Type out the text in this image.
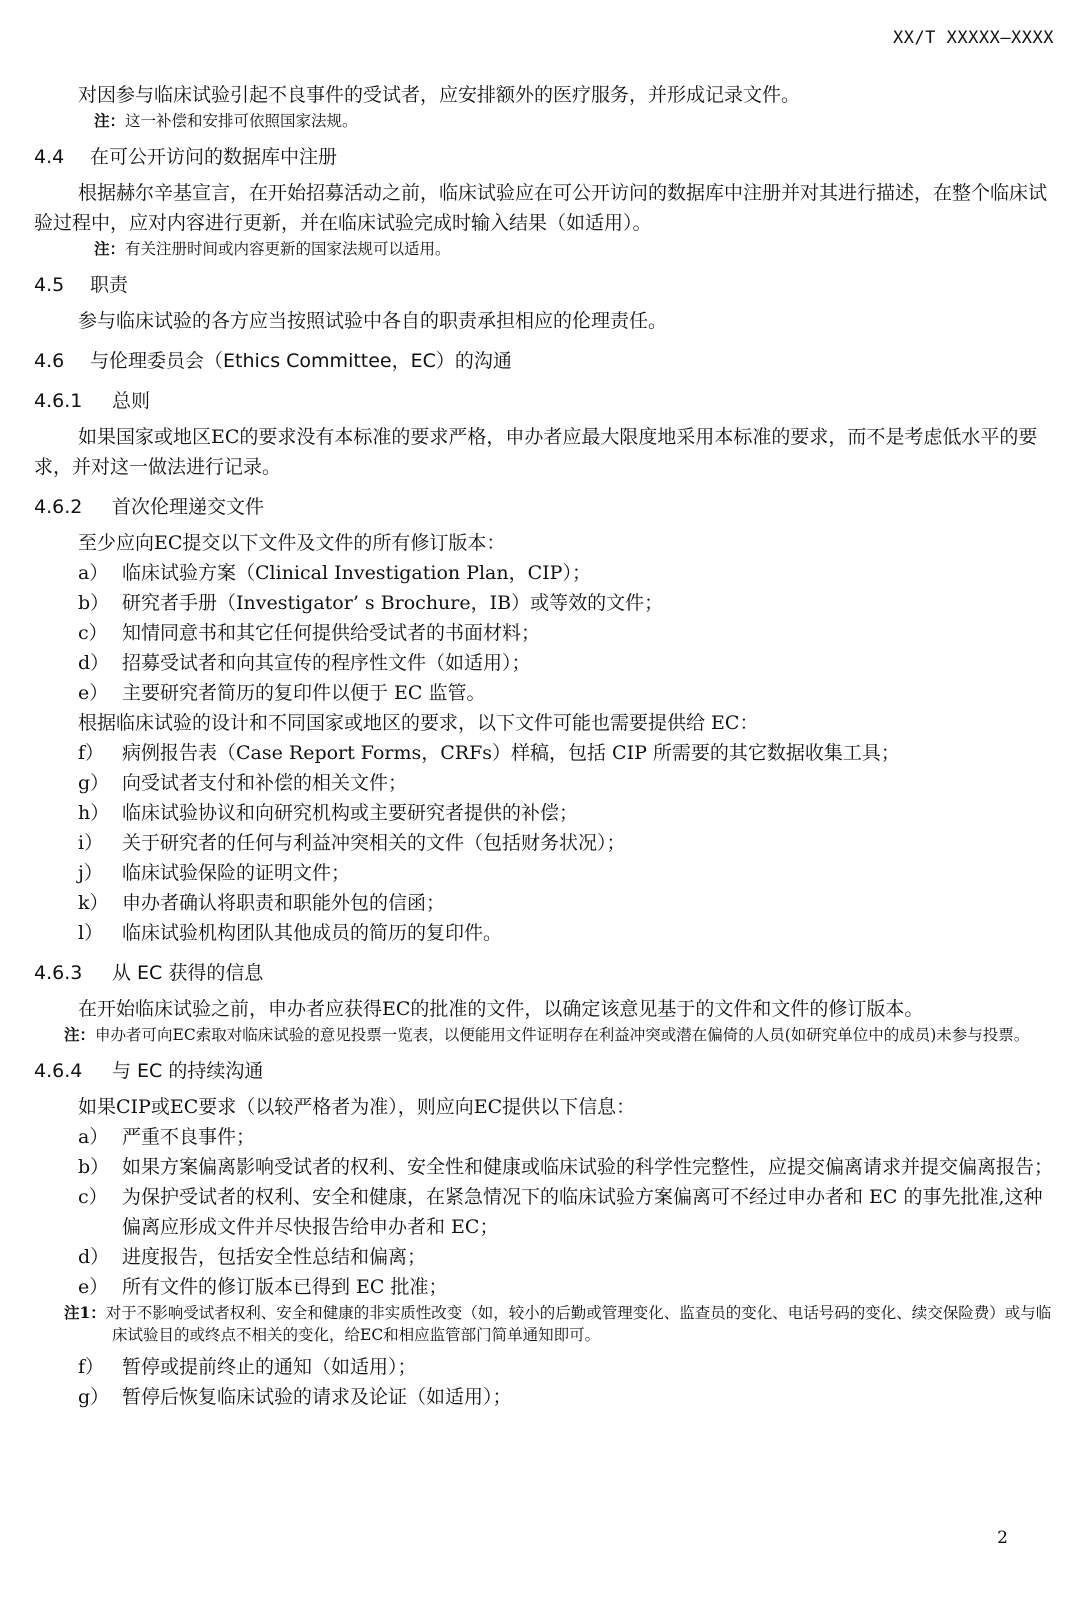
XX/T XXXXX—XXXX

对因参与临床试验引起不良事件的受试者，应安排额外的医疗服务，并形成记录文件。

注：这一补偿和安排可依照国家法规。

4.4 在可公开访问的数据库中注册

根据赫尔辛基宣言，在开始招募活动之前，临床试验应在可公开访问的数据库中注册并对其进行描述，在整个临床试验过程中，应对内容进行更新，并在临床试验完成时输入结果（如适用）。

注：有关注册时间或内容更新的国家法规可以适用。

4.5 职责

参与临床试验的各方应当按照试验中各自的职责承担相应的伦理责任。

4.6 与伦理委员会（Ethics Committee，EC）的沟通
4.6.1 总则

如果国家或地区EC的要求没有本标准的要求严格，申办者应最大限度地采用本标准的要求，而不是考虑低水平的要求，并对这一做法进行记录。

4.6.2 首次伦理递交文件

至少应向EC提交以下文件及文件的所有修订版本：

a） 临床试验方案（Clinical Investigation Plan，CIP）；
b） 研究者手册（Investigator’ s Brochure，IB）或等效的文件；
c） 知情同意书和其它任何提供给受试者的书面材料；
d） 招募受试者和向其宣传的程序性文件（如适用）；
e） 主要研究者简历的复印件以便于 EC 监管。

根据临床试验的设计和不同国家或地区的要求，以下文件可能也需要提供给 EC：

f） 病例报告表（Case Report Forms，CRFs）样稿，包括 CIP 所需要的其它数据收集工具；
g） 向受试者支付和补偿的相关文件；
h） 临床试验协议和向研究机构或主要研究者提供的补偿；
i） 关于研究者的任何与利益冲突相关的文件（包括财务状况）；
j） 临床试验保险的证明文件；
k） 申办者确认将职责和职能外包的信函；
l） 临床试验机构团队其他成员的简历的复印件。
4.6.3 从 EC 获得的信息

在开始临床试验之前，申办者应获得EC的批准的文件，以确定该意见基于的文件和文件的修订版本。

注：申办者可向EC索取对临床试验的意见投票一览表，以便能用文件证明存在利益冲突或潜在偏倚的人员(如研究单位中的成员)未参与投票。

4.6.4 与 EC 的持续沟通

如果CIP或EC要求（以较严格者为准），则应向EC提供以下信息：

a） 严重不良事件；
b） 如果方案偏离影响受试者的权利、安全性和健康或临床试验的科学性完整性，应提交偏离请求并提交偏离报告；
c） 为保护受试者的权利、安全和健康，在紧急情况下的临床试验方案偏离可不经过申办者和 EC 的事先批准,这种偏离应形成文件并尽快报告给申办者和 EC；
d） 进度报告，包括安全性总结和偏离；
e） 所有文件的修订版本已得到 EC 批准；

注1：对于不影响受试者权利、安全和健康的非实质性改变（如，较小的后勤或管理变化、监查员的变化、电话号码的变化、续交保险费）或与临床试验目的或终点不相关的变化，给EC和相应监管部门简单通知即可。

f） 暂停或提前终止的通知（如适用）；
g） 暂停后恢复临床试验的请求及论证（如适用）；
2
